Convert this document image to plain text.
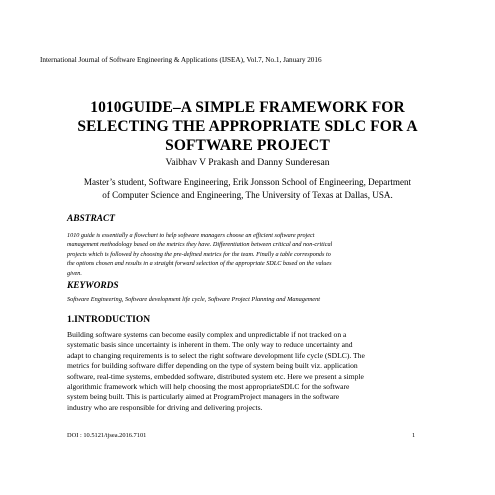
International Journal of Software Engineering & Applications (IJSEA), Vol.7, No.1, January 2016
1010GUIDE–A SIMPLE FRAMEWORK FOR
SELECTING THE APPROPRIATE SDLC FOR A
SOFTWARE PROJECT
Vaibhav V Prakash and Danny Sunderesan
Master’s student, Software Engineering, Erik Jonsson School of Engineering, Department
of Computer Science and Engineering, The University of Texas at Dallas, USA.
ABSTRACT
1010 guide is essentially a flowchart to help software managers choose an efficient software project
management methodology based on the metrics they have. Differentiation between critical and non-critical
projects which is followed by choosing the pre-defined metrics for the team. Finally a table corresponds to
the options chosen and results in a straight forward selection of the appropriate SDLC based on the values
given.
KEYWORDS
Software Engineering, Software development life cycle, Software Project Planning and Management
1.INTRODUCTION
Building software systems can become easily complex and unpredictable if not tracked on a
systematic basis since uncertainty is inherent in them. The only way to reduce uncertainty and
adapt to changing requirements is to select the right software development life cycle (SDLC). The
metrics for building software differ depending on the type of system being built viz. application
software, real-time systems, embedded software, distributed system etc. Here we present a simple
algorithmic framework which will help choosing the most appropriateSDLC for the software
system being built. This is particularly aimed at ProgramProject managers in the software
industry who are responsible for driving and delivering projects.
DOI : 10.5121/ijsea.2016.7101	1
